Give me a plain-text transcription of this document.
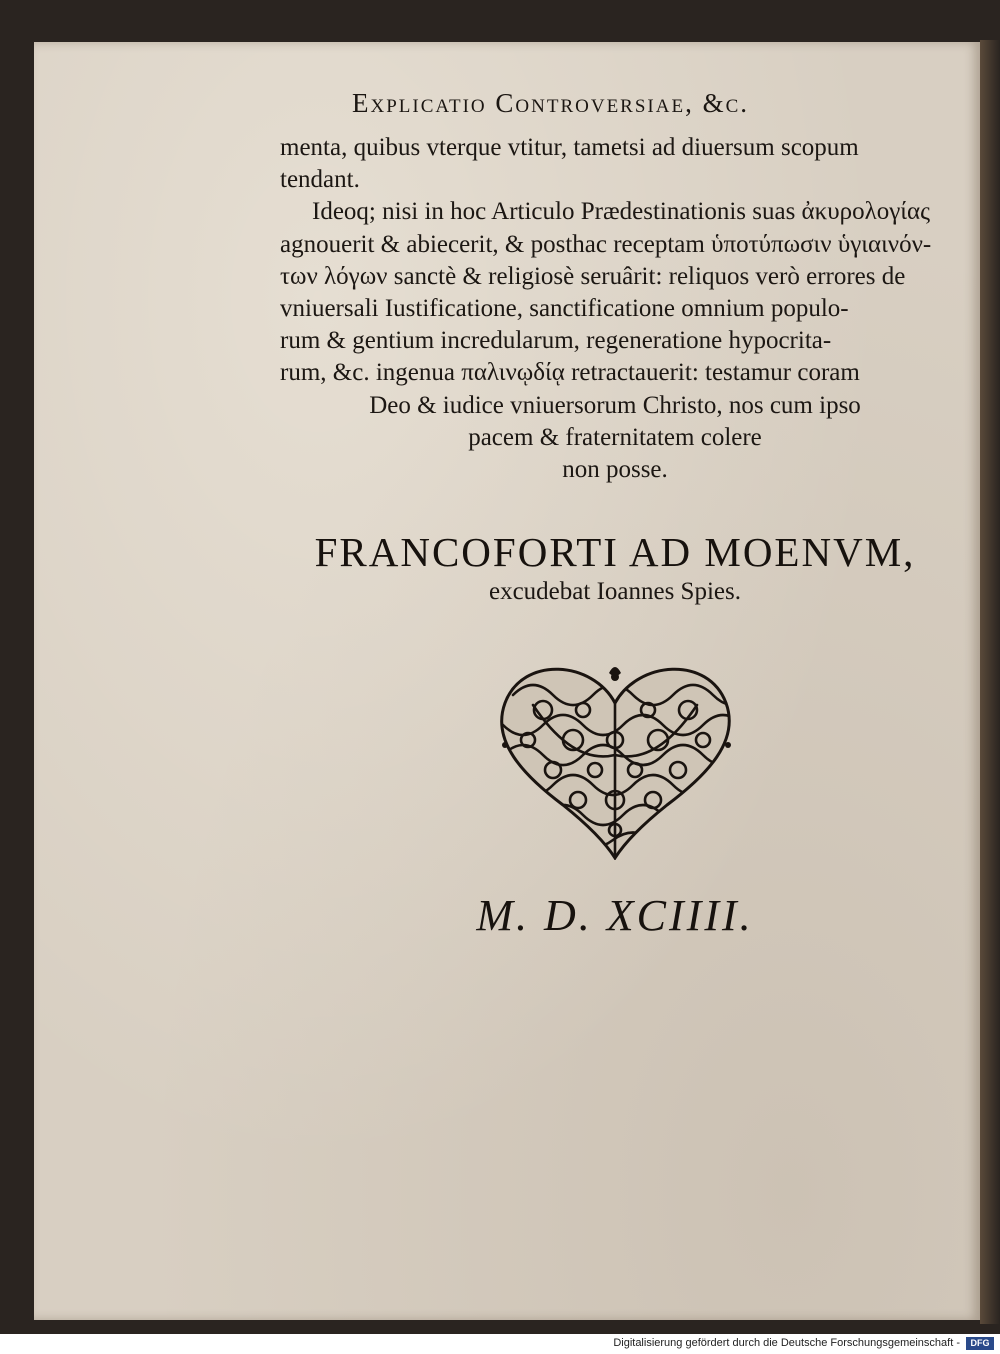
Explicatio Controversiae, &c.
menta, quibus vterque vtitur, tametsi ad diuersum scopum
tendant.
Ideoq; nisi in hoc Articulo Prædestinationis suas ἀκυρολογίας
agnouerit & abiecerit, & posthac receptam ὑποτύπωσιν ὑγιαινόν-
των λόγων sanctè & religiosè seruârit: reliquos verò errores de
vniuersali Iustificatione, sanctificatione omnium populo-
rum & gentium incredularum, regeneratione hypocrita-
rum, &c. ingenua παλινῳδίᾳ retractauerit: testamur coram
Deo & iudice vniuersorum Christo, nos cum ipso
pacem & fraternitatem colere
non posse.
FRANCOFORTI AD MOENVM,
excudebat Ioannes Spies.
M. D. XCIIII.
Digitalisierung gefördert durch die Deutsche Forschungsgemeinschaft -	DFG
